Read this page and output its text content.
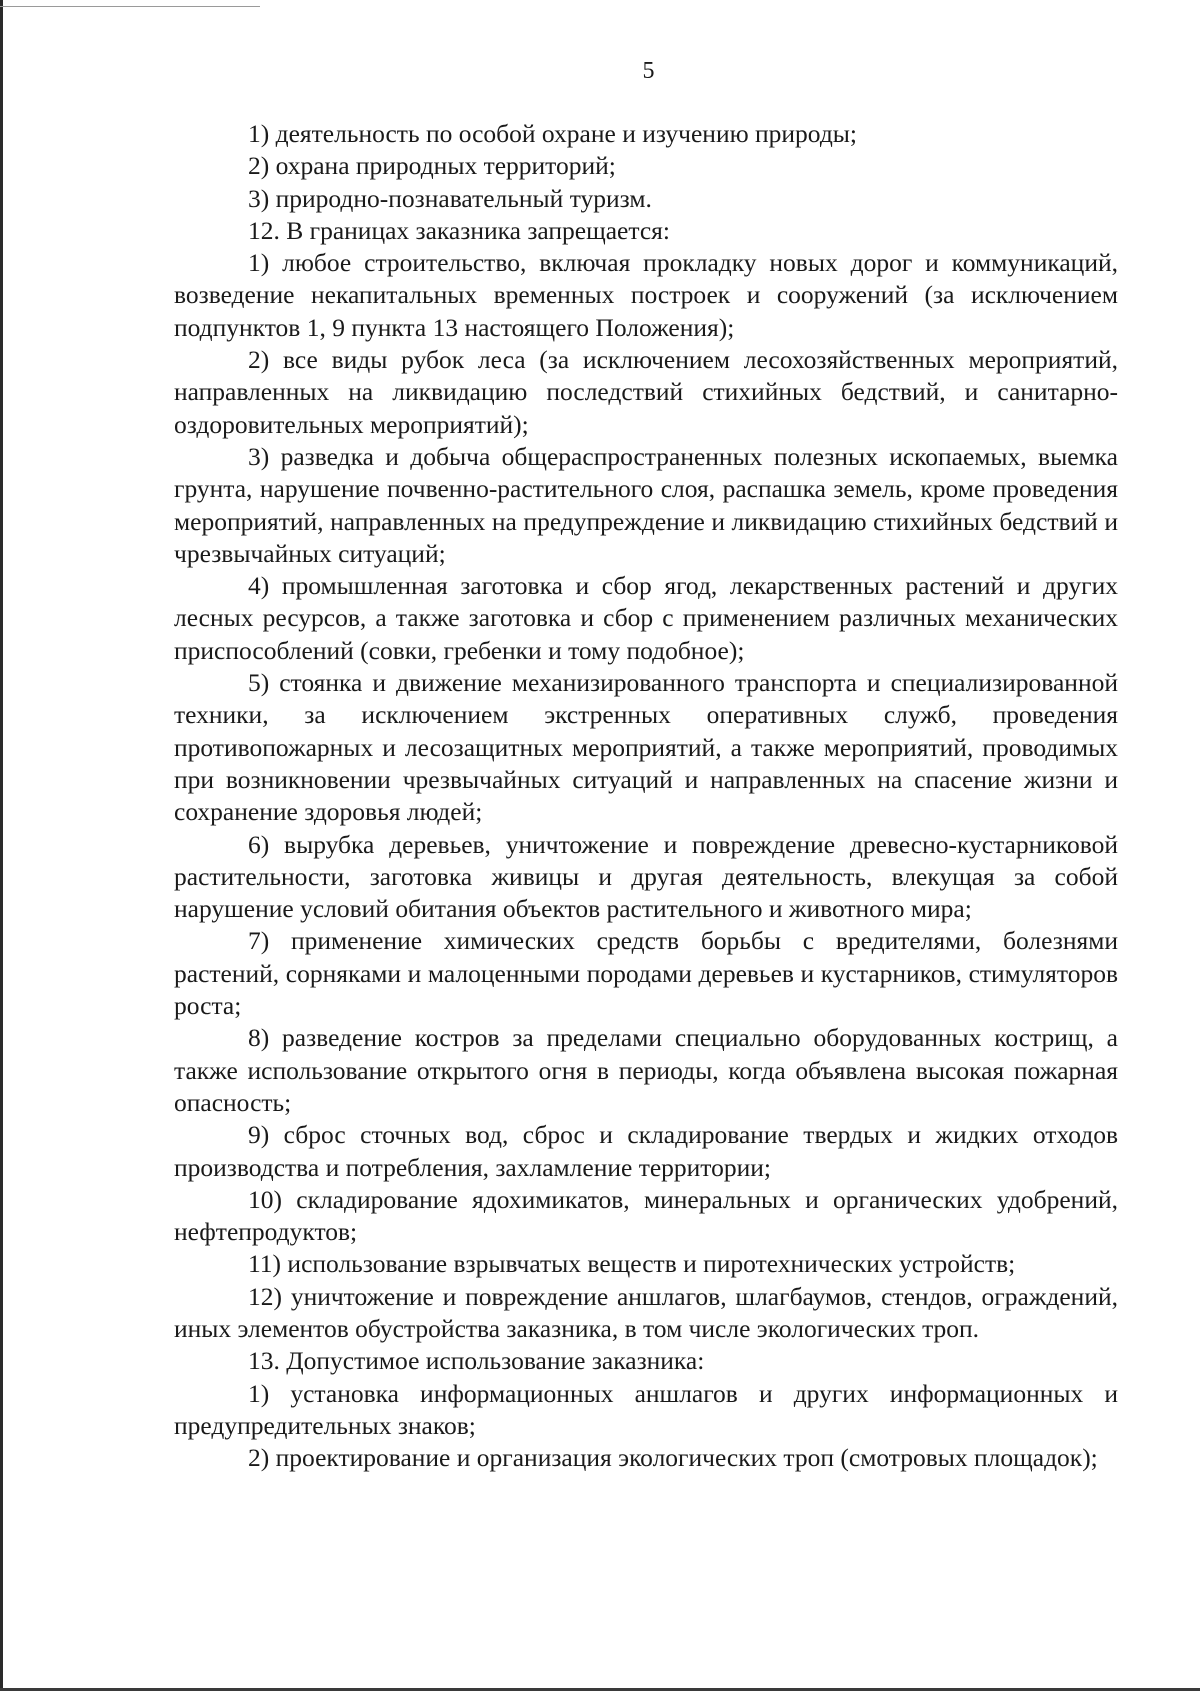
5

1) деятельность по особой охране и изучению природы;

2) охрана природных территорий;

3) природно-познавательный туризм.

12. В границах заказника запрещается:

1) любое строительство, включая прокладку новых дорог и коммуникаций, возведение некапитальных временных построек и сооружений (за исключением подпунктов 1, 9 пункта 13 настоящего Положения);

2) все виды рубок леса (за исключением лесохозяйственных мероприятий, направленных на ликвидацию последствий стихийных бедствий, и санитарно-оздоровительных мероприятий);

3) разведка и добыча общераспространенных полезных ископаемых, выемка грунта, нарушение почвенно-растительного слоя, распашка земель, кроме проведения мероприятий, направленных на предупреждение и ликвидацию стихийных бедствий и чрезвычайных ситуаций;

4) промышленная заготовка и сбор ягод, лекарственных растений и других лесных ресурсов, а также заготовка и сбор с применением различных механических приспособлений (совки, гребенки и тому подобное);

5) стоянка и движение механизированного транспорта и специализированной техники, за исключением экстренных оперативных служб, проведения противопожарных и лесозащитных мероприятий, а также мероприятий, проводимых при возникновении чрезвычайных ситуаций и направленных на спасение жизни и сохранение здоровья людей;

6) вырубка деревьев, уничтожение и повреждение древесно-кустарниковой растительности, заготовка живицы и другая деятельность, влекущая за собой нарушение условий обитания объектов растительного и животного мира;

7) применение химических средств борьбы с вредителями, болезнями растений, сорняками и малоценными породами деревьев и кустарников, стимуляторов роста;

8) разведение костров за пределами специально оборудованных кострищ, а также использование открытого огня в периоды, когда объявлена высокая пожарная опасность;

9) сброс сточных вод, сброс и складирование твердых и жидких отходов производства и потребления, захламление территории;

10) складирование ядохимикатов, минеральных и органических удобрений, нефтепродуктов;

11) использование взрывчатых веществ и пиротехнических устройств;

12) уничтожение и повреждение аншлагов, шлагбаумов, стендов, ограждений, иных элементов обустройства заказника, в том числе экологических троп.

13. Допустимое использование заказника:

1) установка информационных аншлагов и других информационных и предупредительных знаков;

2) проектирование и организация экологических троп (смотровых площадок);
